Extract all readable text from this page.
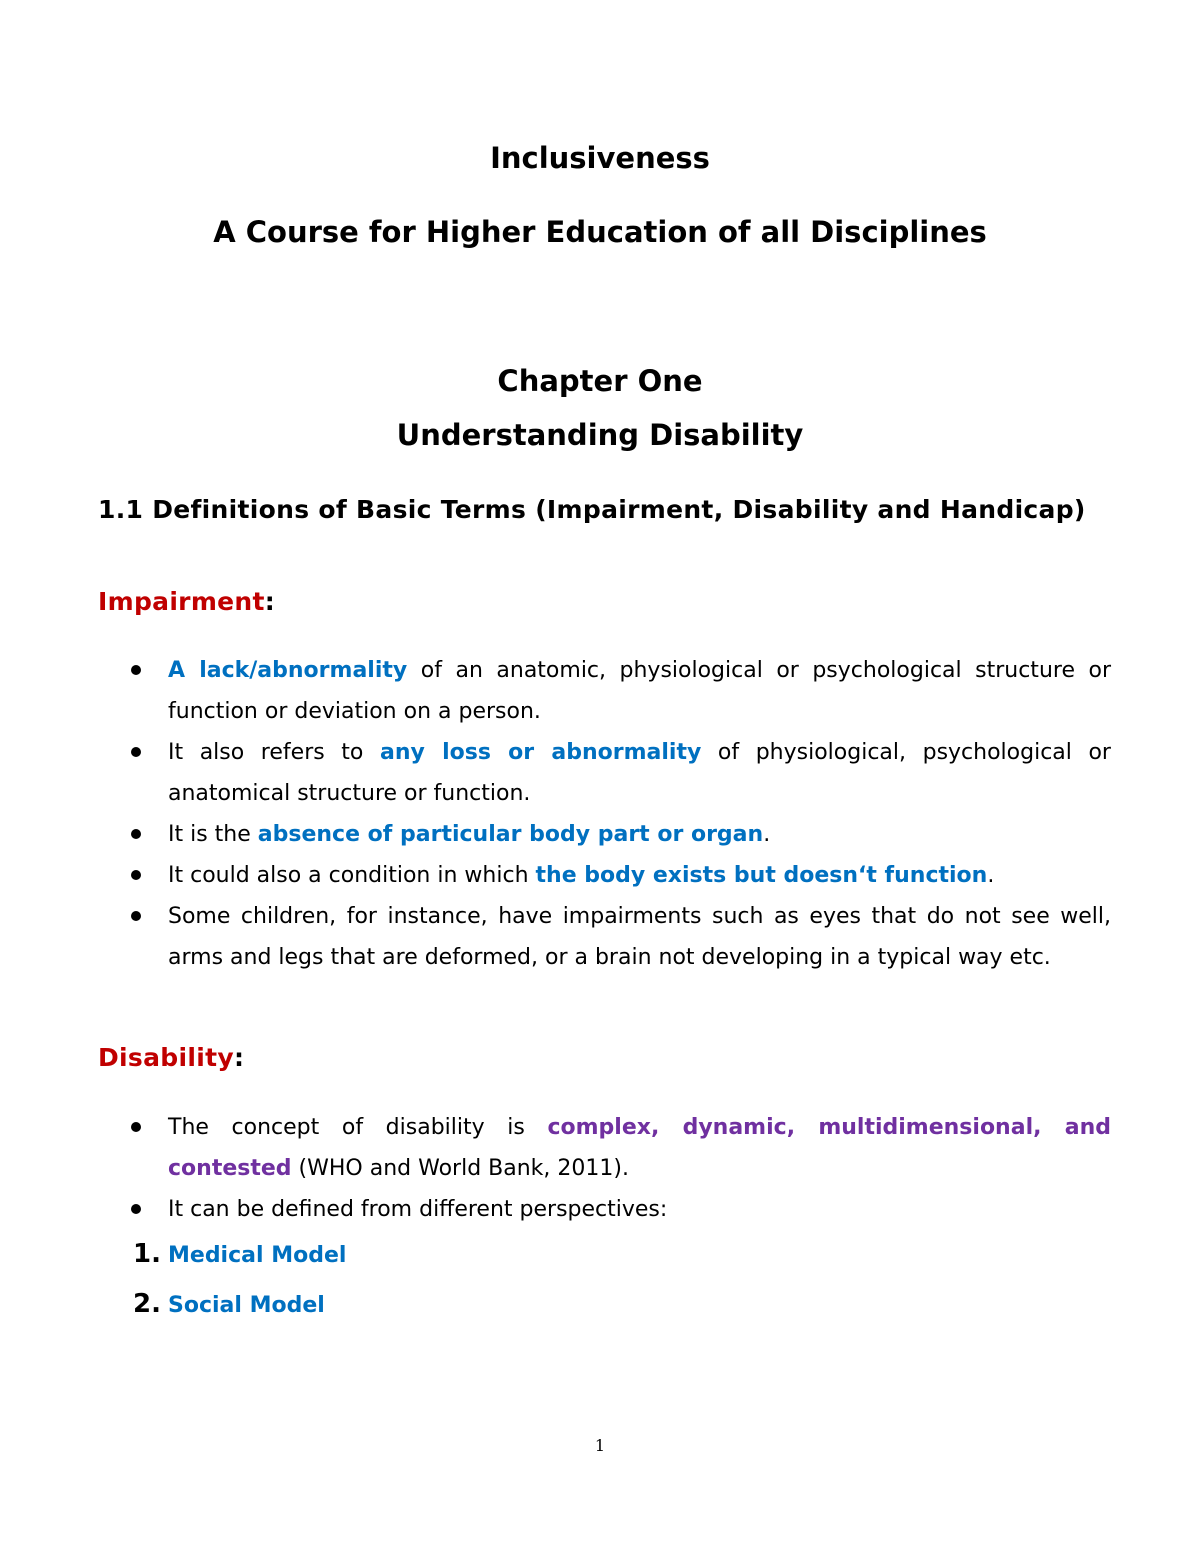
Inclusiveness
A Course for Higher Education of all Disciplines
Chapter One
Understanding Disability
1.1 Definitions of Basic Terms (Impairment, Disability and Handicap)
Impairment:
A lack/abnormality of an anatomic, physiological or psychological structure or function or deviation on a person.
It also refers to any loss or abnormality of physiological, psychological or anatomical structure or function.
It is the absence of particular body part or organ.
It could also a condition in which the body exists but doesn‘t function.
Some children, for instance, have impairments such as eyes that do not see well, arms and legs that are deformed, or a brain not developing in a typical way etc.
Disability:
The concept of disability is complex, dynamic, multidimensional, and contested (WHO and World Bank, 2011).
It can be defined from different perspectives:
1. Medical Model
2. Social Model
1
